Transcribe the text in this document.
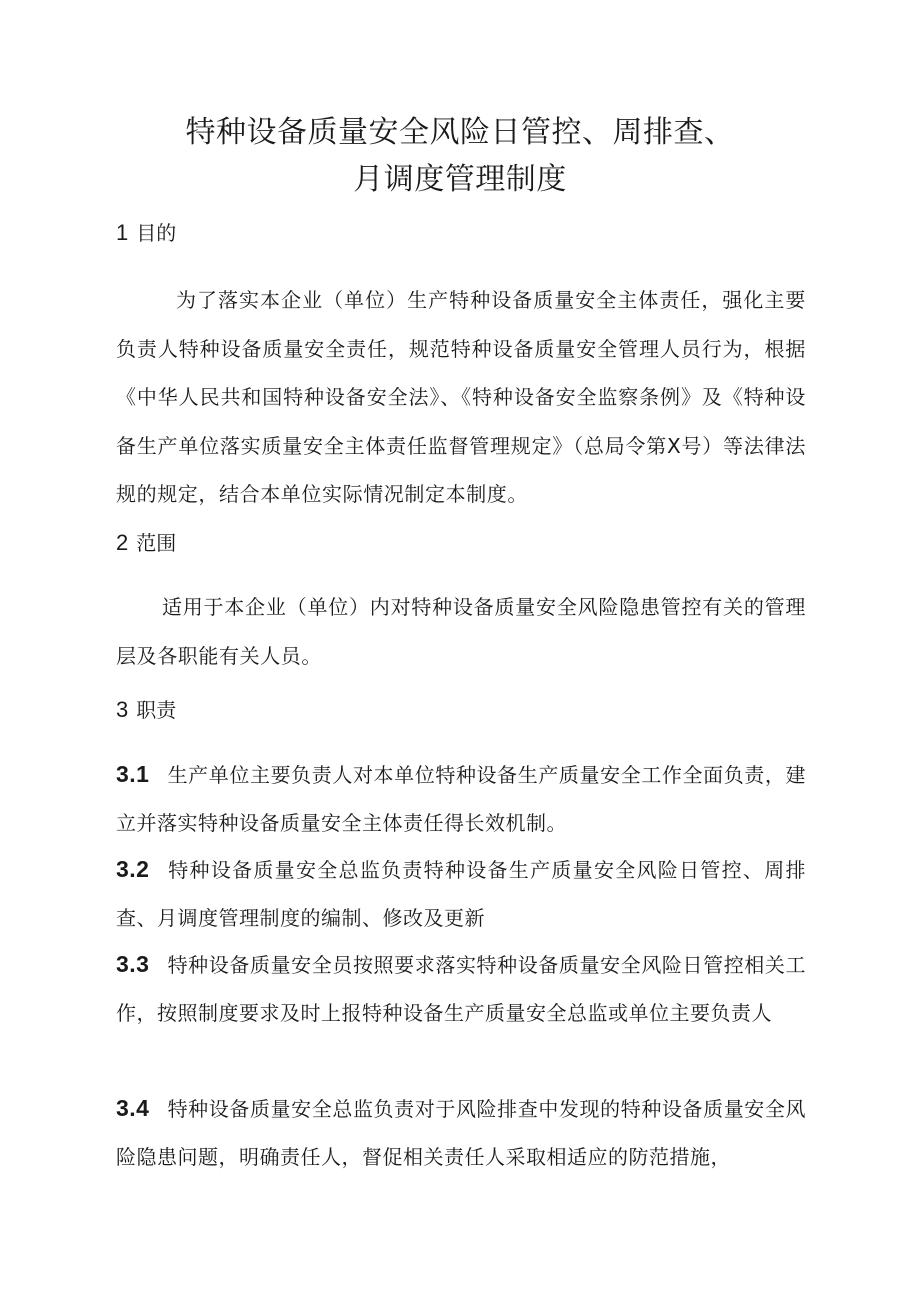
特种设备质量安全风险日管控、周排查、
月调度管理制度
1 目的

为了落实本企业（单位）生产特种设备质量安全主体责任，强化主要负责人特种设备质量安全责任，规范特种设备质量安全管理人员行为，根据《中华人民共和国特种设备安全法》、《特种设备安全监察条例》及《特种设备生产单位落实质量安全主体责任监督管理规定》（总局令第X号）等法律法规的规定，结合本单位实际情况制定本制度。

2 范围

适用于本企业（单位）内对特种设备质量安全风险隐患管控有关的管理层及各职能有关人员。

3 职责

3.1 生产单位主要负责人对本单位特种设备生产质量安全工作全面负责，建立并落实特种设备质量安全主体责任得长效机制。

3.2 特种设备质量安全总监负责特种设备生产质量安全风险日管控、周排查、月调度管理制度的编制、修改及更新

3.3 特种设备质量安全员按照要求落实特种设备质量安全风险日管控相关工作，按照制度要求及时上报特种设备生产质量安全总监或单位主要负责人

3.4 特种设备质量安全总监负责对于风险排查中发现的特种设备质量安全风险隐患问题，明确责任人，督促相关责任人采取相适应的防范措施，
